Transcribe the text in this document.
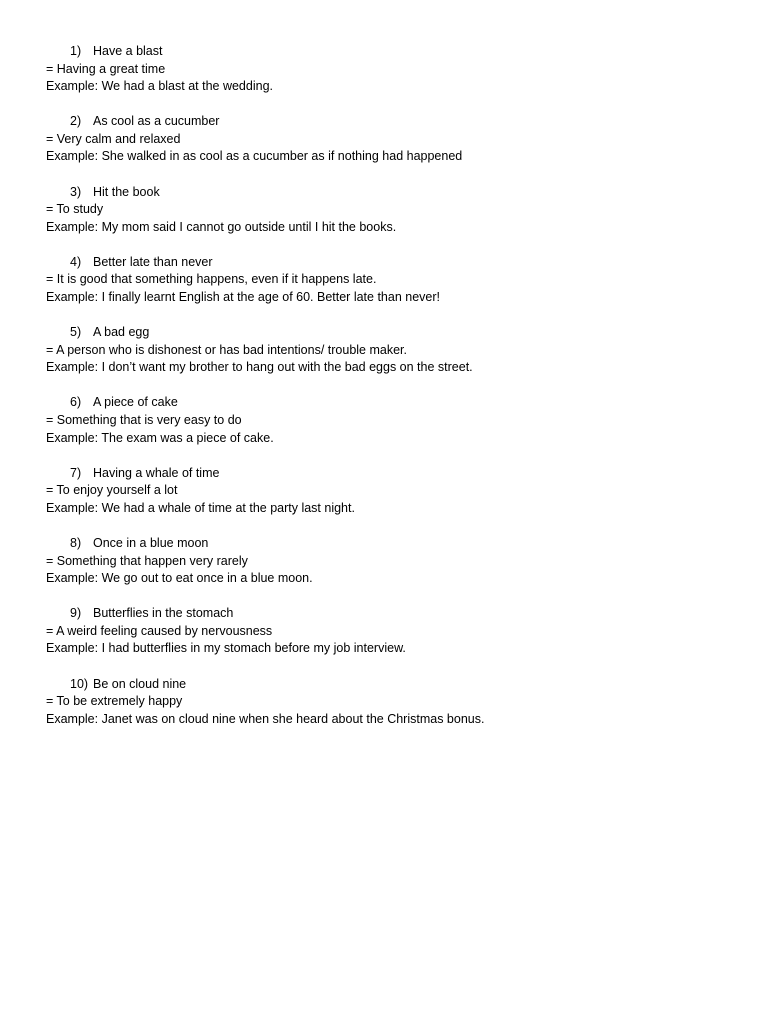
1) Have a blast
= Having a great time
Example: We had a blast at the wedding.
2) As cool as a cucumber
= Very calm and relaxed
Example: She walked in as cool as a cucumber as if nothing had happened
3) Hit the book
= To study
Example: My mom said I cannot go outside until I hit the books.
4) Better late than never
= It is good that something happens, even if it happens late.
Example: I finally learnt English at the age of 60. Better late than never!
5) A bad egg
= A person who is dishonest or has bad intentions/ trouble maker.
Example: I don’t want my brother to hang out with the bad eggs on the street.
6) A piece of cake
= Something that is very easy to do
Example: The exam was a piece of cake.
7) Having a whale of time
= To enjoy yourself a lot
Example: We had a whale of time at the party last night.
8) Once in a blue moon
= Something that happen very rarely
Example: We go out to eat once in a blue moon.
9) Butterflies in the stomach
= A weird feeling caused by nervousness
Example: I had butterflies in my stomach before my job interview.
10) Be on cloud nine
= To be extremely happy
Example: Janet was on cloud nine when she heard about the Christmas bonus.
